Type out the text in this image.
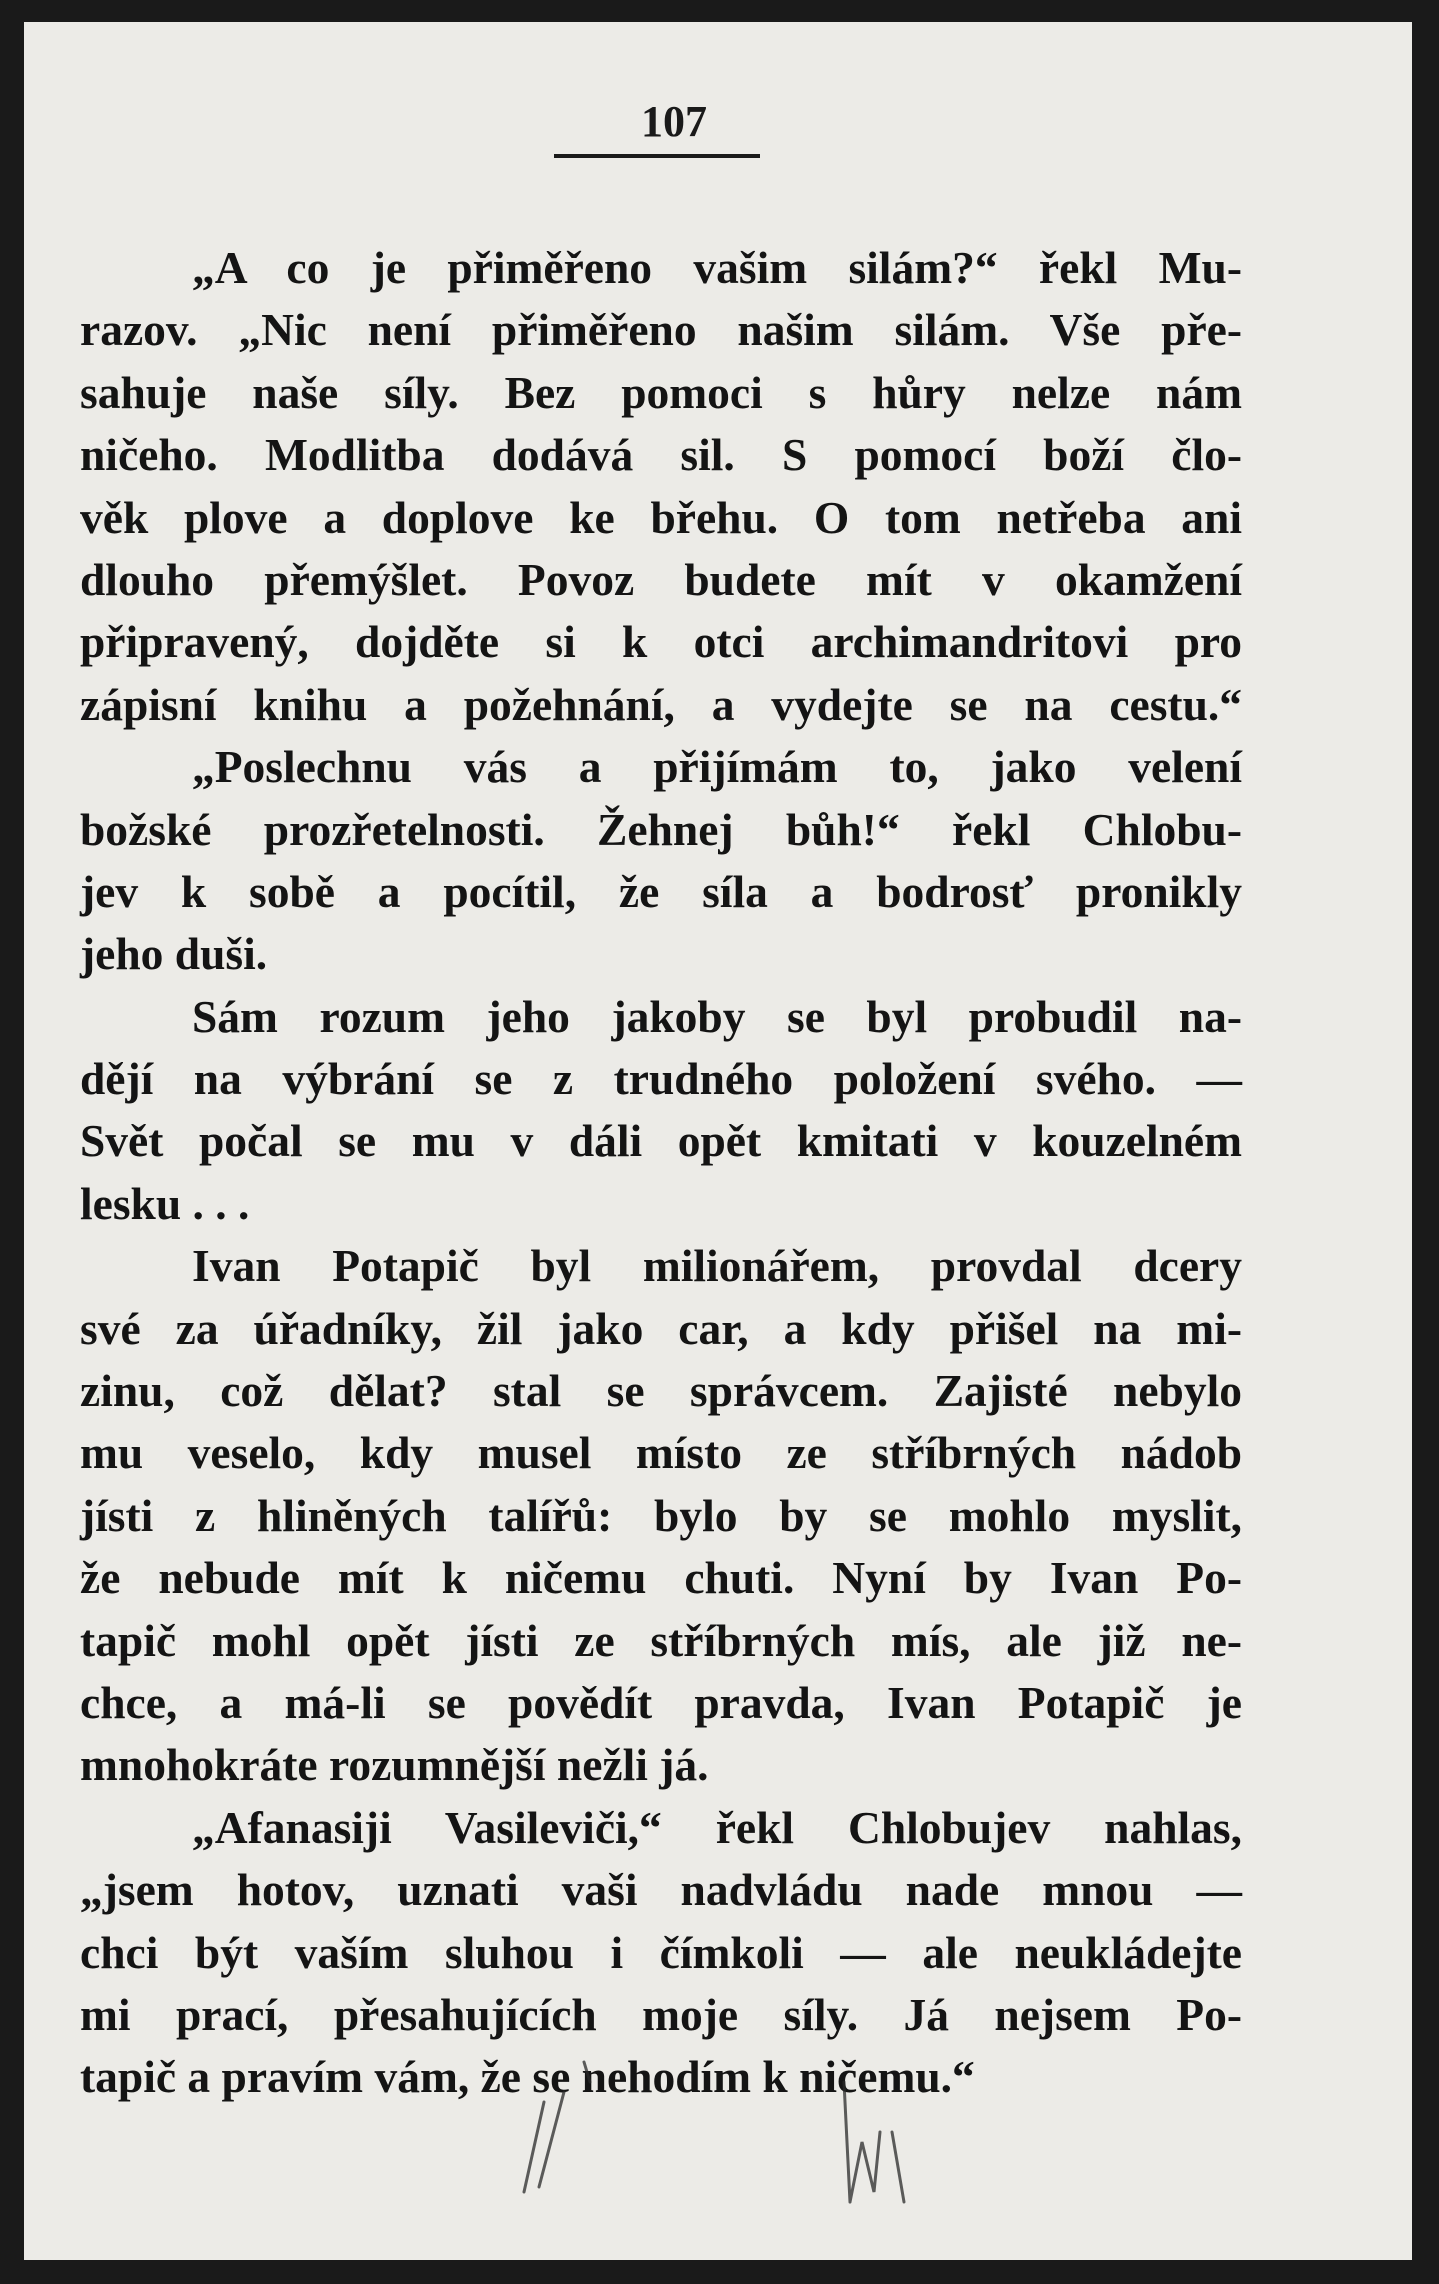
107
„A co je přiměřeno vašim silám?“ řekl Mu-
razov. „Nic není přiměřeno našim silám. Vše pře-
sahuje naše síly. Bez pomoci s hůry nelze nám
ničeho. Modlitba dodává sil. S pomocí boží člo-
věk plove a doplove ke břehu. O tom netřeba ani
dlouho přemýšlet. Povoz budete mít v okamžení
připravený, dojděte si k otci archimandritovi pro
zápisní knihu a požehnání, a vydejte se na cestu.“
„Poslechnu vás a přijímám to, jako velení
božské prozřetelnosti. Žehnej bůh!“ řekl Chlobu-
jev k sobě a pocítil, že síla a bodrosť pronikly
jeho duši.
Sám rozum jeho jakoby se byl probudil na-
dějí na výbrání se z trudného položení svého. —
Svět počal se mu v dáli opět kmitati v kouzelném
lesku . . .
Ivan Potapič byl milionářem, provdal dcery
své za úřadníky, žil jako car, a kdy přišel na mi-
zinu, což dělat? stal se správcem. Zajisté nebylo
mu veselo, kdy musel místo ze stříbrných nádob
jísti z hliněných talířů: bylo by se mohlo myslit,
že nebude mít k ničemu chuti. Nyní by Ivan Po-
tapič mohl opět jísti ze stříbrných mís, ale již ne-
chce, a má-li se povědít pravda, Ivan Potapič je
mnohokráte rozumnější nežli já.
„Afanasiji Vasileviči,“ řekl Chlobujev nahlas,
„jsem hotov, uznati vaši nadvládu nade mnou —
chci být vaším sluhou i čímkoli — ale neukládejte
mi prací, přesahujících moje síly. Já nejsem Po-
tapič a pravím vám, že se nehodím k ničemu.“
